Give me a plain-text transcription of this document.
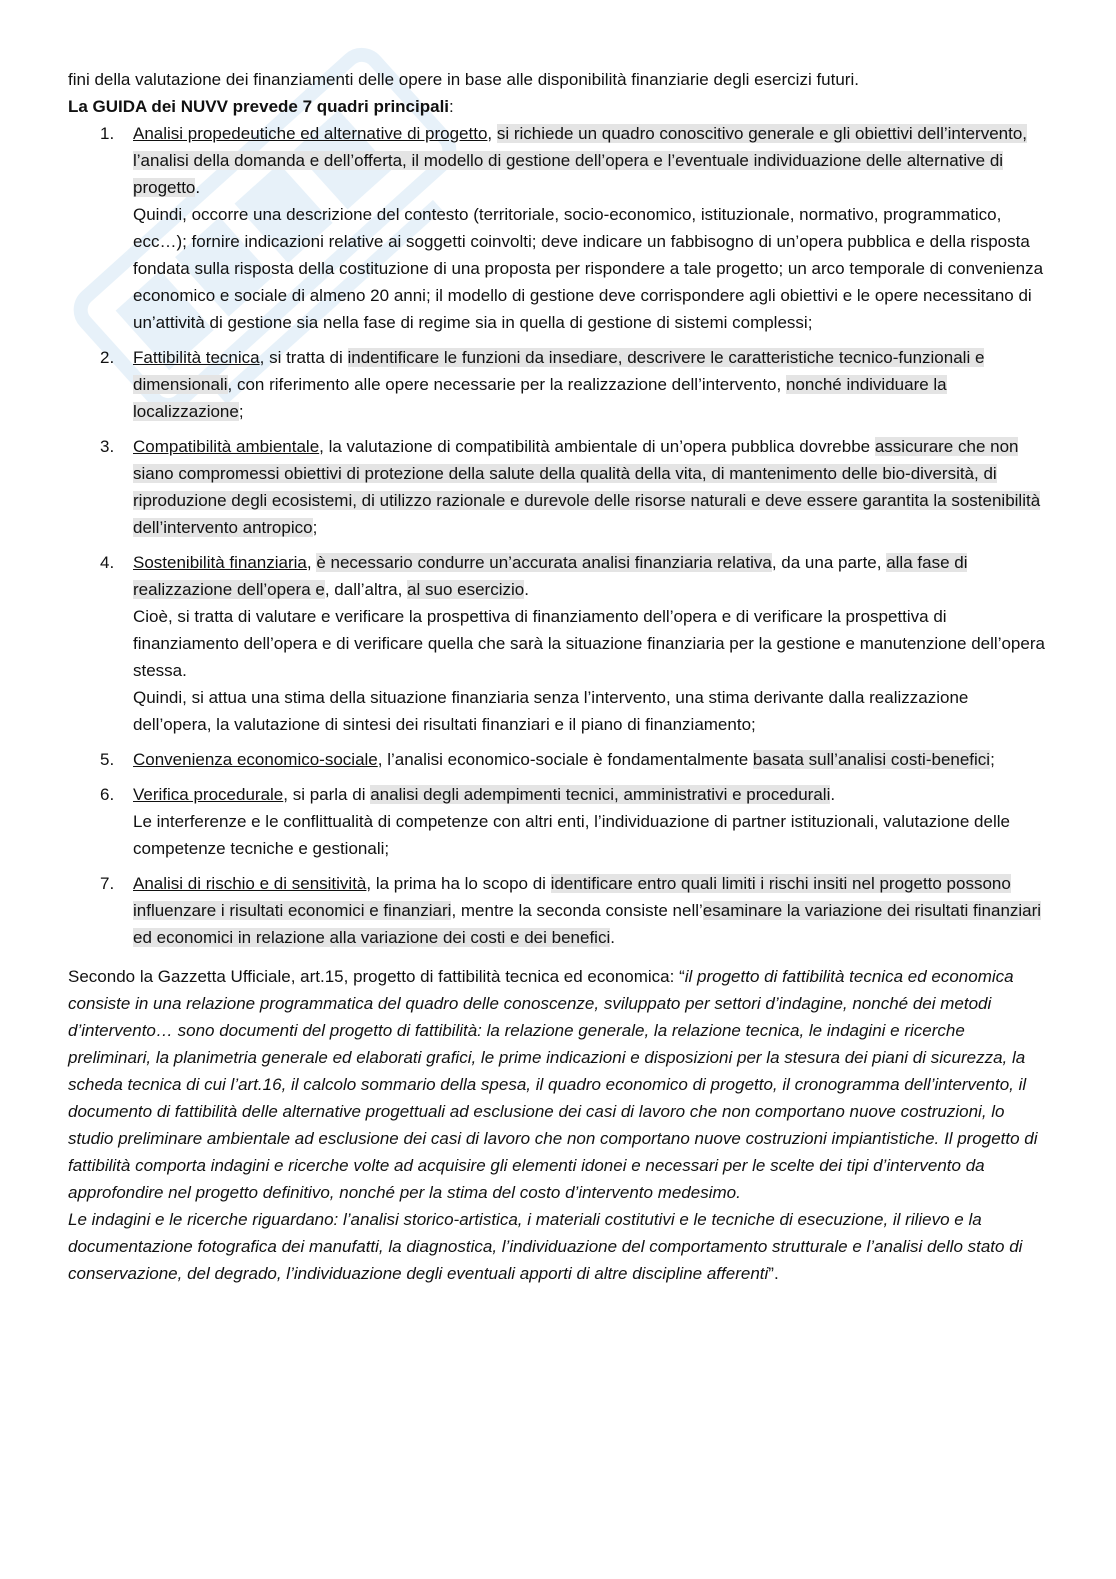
fini della valutazione dei finanziamenti delle opere in base alle disponibilità finanziarie degli esercizi futuri.

La GUIDA dei NUVV prevede 7 quadri principali:

1. Analisi propedeutiche ed alternative di progetto, si richiede un quadro conoscitivo generale e gli obiettivi dell’intervento, l’analisi della domanda e dell’offerta, il modello di gestione dell’opera e l’eventuale individuazione delle alternative di progetto.

Quindi, occorre una descrizione del contesto (territoriale, socio-economico, istituzionale, normativo, programmatico, ecc…); fornire indicazioni relative ai soggetti coinvolti; deve indicare un fabbisogno di un’opera pubblica e della risposta fondata sulla risposta della costituzione di una proposta per rispondere a tale progetto; un arco temporale di convenienza economico e sociale di almeno 20 anni; il modello di gestione deve corrispondere agli obiettivi e le opere necessitano di un’attività di gestione sia nella fase di regime sia in quella di gestione di sistemi complessi;

2. Fattibilità tecnica, si tratta di indentificare le funzioni da insediare, descrivere le caratteristiche tecnico-funzionali e dimensionali, con riferimento alle opere necessarie per la realizzazione dell’intervento, nonché individuare la localizzazione;
3. Compatibilità ambientale, la valutazione di compatibilità ambientale di un’opera pubblica dovrebbe assicurare che non siano compromessi obiettivi di protezione della salute della qualità della vita, di mantenimento delle bio-diversità, di riproduzione degli ecosistemi, di utilizzo razionale e durevole delle risorse naturali e deve essere garantita la sostenibilità dell’intervento antropico;
4. Sostenibilità finanziaria, è necessario condurre un’accurata analisi finanziaria relativa, da una parte, alla fase di realizzazione dell’opera e, dall’altra, al suo esercizio.

Cioè, si tratta di valutare e verificare la prospettiva di finanziamento dell’opera e di verificare la prospettiva di finanziamento dell’opera e di verificare quella che sarà la situazione finanziaria per la gestione e manutenzione dell’opera stessa.

Quindi, si attua una stima della situazione finanziaria senza l’intervento, una stima derivante dalla realizzazione dell’opera, la valutazione di sintesi dei risultati finanziari e il piano di finanziamento;

5. Convenienza economico-sociale, l’analisi economico-sociale è fondamentalmente basata sull’analisi costi-benefici;
6. Verifica procedurale, si parla di analisi degli adempimenti tecnici, amministrativi e procedurali.

Le interferenze e le conflittualità di competenze con altri enti, l’individuazione di partner istituzionali, valutazione delle competenze tecniche e gestionali;

7. Analisi di rischio e di sensitività, la prima ha lo scopo di identificare entro quali limiti i rischi insiti nel progetto possono influenzare i risultati economici e finanziari, mentre la seconda consiste nell’esaminare la variazione dei risultati finanziari ed economici in relazione alla variazione dei costi e dei benefici.

Secondo la Gazzetta Ufficiale, art.15, progetto di fattibilità tecnica ed economica: “il progetto di fattibilità tecnica ed economica consiste in una relazione programmatica del quadro delle conoscenze, sviluppato per settori d’indagine, nonché dei metodi d’intervento… sono documenti del progetto di fattibilità: la relazione generale, la relazione tecnica, le indagini e ricerche preliminari, la planimetria generale ed elaborati grafici, le prime indicazioni e disposizioni per la stesura dei piani di sicurezza, la scheda tecnica di cui l’art.16, il calcolo sommario della spesa, il quadro economico di progetto, il cronogramma dell’intervento, il documento di fattibilità delle alternative progettuali ad esclusione dei casi di lavoro che non comportano nuove costruzioni, lo studio preliminare ambientale ad esclusione dei casi di lavoro che non comportano nuove costruzioni impiantistiche. Il progetto di fattibilità comporta indagini e ricerche volte ad acquisire gli elementi idonei e necessari per le scelte dei tipi d’intervento da approfondire nel progetto definitivo, nonché per la stima del costo d’intervento medesimo.

Le indagini e le ricerche riguardano: l’analisi storico-artistica, i materiali costitutivi e le tecniche di esecuzione, il rilievo e la documentazione fotografica dei manufatti, la diagnostica, l’individuazione del comportamento strutturale e l’analisi dello stato di conservazione, del degrado, l’individuazione degli eventuali apporti di altre discipline afferenti”.
